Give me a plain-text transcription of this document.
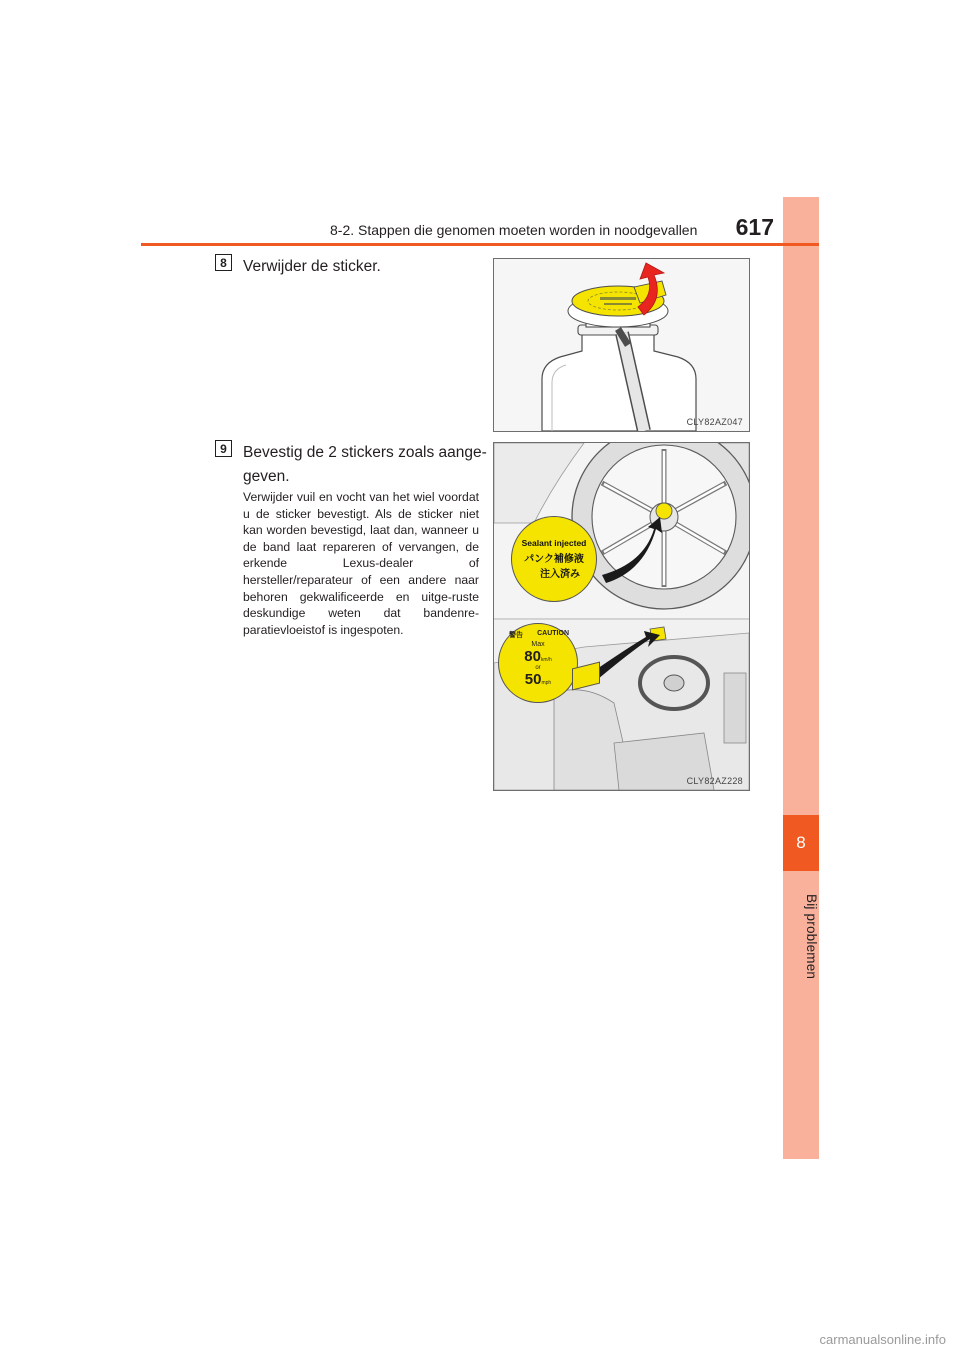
8
Bij problemen
8-2. Stappen die genomen moeten worden in noodgevallen	617
8	Verwijder de sticker.
CLY82AZ047
9	Bevestig de 2 stickers zoals aange-
geven.
Verwijder vuil en vocht van het wiel voordat u de sticker bevestigt. Als de sticker niet kan worden bevestigd, laat dan, wanneer u de band laat repareren of vervangen, de erkende Lexus-dealer of hersteller/reparateur of een andere naar behoren gekwalificeerde en uitge-ruste deskundige weten dat bandenre-paratievloeistof is ingespoten.
Sealant injected
パンク補修液
注入済み
警告 CAUTION
Max
80km/h
or
50mph
CLY82AZ228
carmanualsonline.info
